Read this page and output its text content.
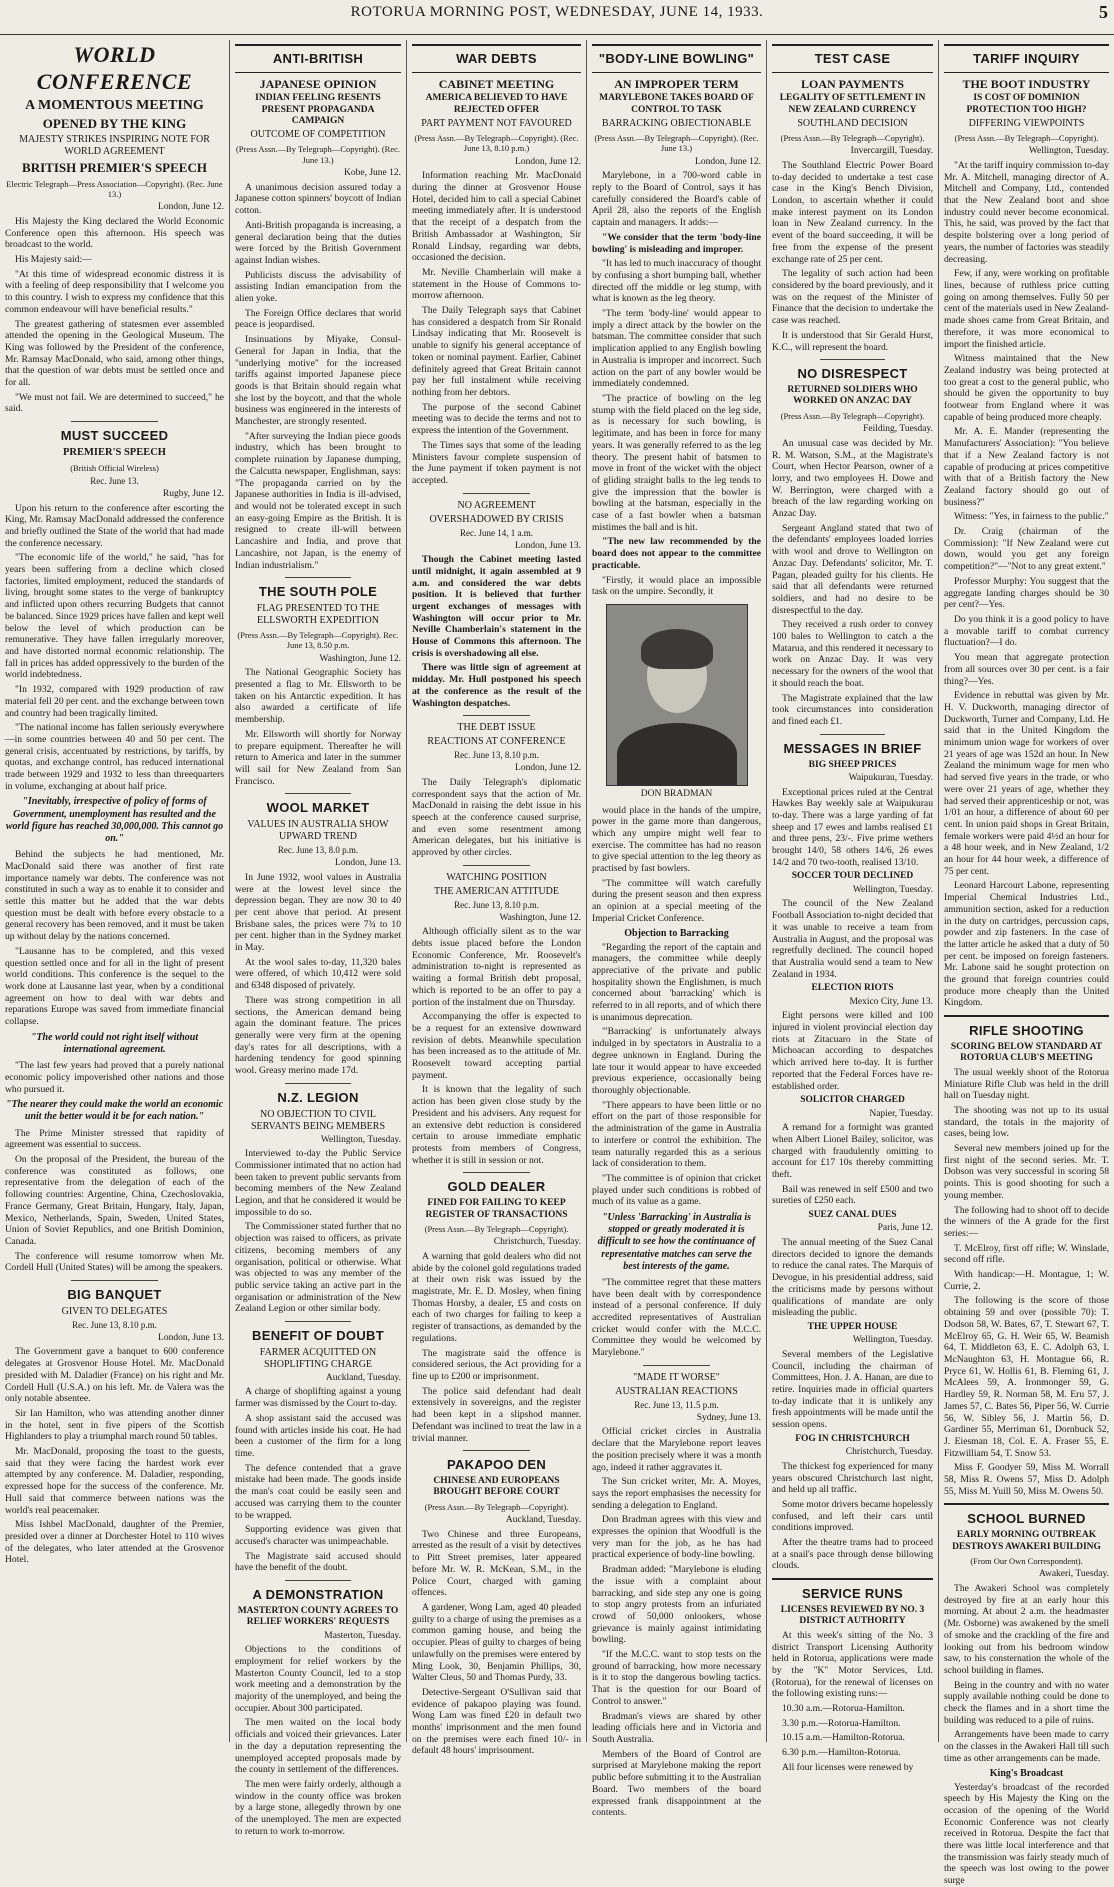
ROTORUA MORNING POST, WEDNESDAY, JUNE 14, 1933.	5
WORLD CONFERENCE
A MOMENTOUS MEETING
OPENED BY THE KING
MAJESTY STRIKES INSPIRING NOTE FOR WORLD AGREEMENT
BRITISH PREMIER'S SPEECH
Electric Telegraph—Press Association—Copyright). (Rec. June 13.)
London, June 12.

His Majesty the King declared the World Economic Conference open this afternoon. His speech was broadcast to the world.

His Majesty said:—

"At this time of widespread economic distress it is with a feeling of deep responsibility that I welcome you to this country. I wish to express my confidence that this common endeavour will have beneficial results."

The greatest gathering of statesmen ever assembled attended the opening in the Geological Museum. The King was followed by the President of the conference, Mr. Ramsay MacDonald, who said, among other things, that the question of war debts must be settled once and for all.

"We must not fail. We are determined to succeed," he said.

MUST SUCCEED
PREMIER'S SPEECH
(British Official Wireless)
Rec. June 13.
Rugby, June 12.

Upon his return to the conference after escorting the King, Mr. Ramsay MacDonald addressed the conference and briefly outlined the State of the world that had made the conference necessary.

"The economic life of the world," he said, "has for years been suffering from a decline which closed factories, limited employment, reduced the standards of living, brought some states to the verge of bankruptcy and inflicted upon others recurring Budgets that cannot be balanced. Since 1929 prices have fallen and kept well below the level of which production can be remunerative. They have fallen irregularly moreover, and have distorted normal economic relationship. The fall in prices has added oppressively to the burden of the world indebtedness.

"In 1932, compared with 1929 production of raw material fell 20 per cent. and the exchange between town and country had been tragically limited.

"The national income has fallen seriously everywhere—in some countries between 40 and 50 per cent. The general crisis, accentuated by restrictions, by tariffs, by quotas, and exchange control, has reduced international trade between 1929 and 1932 to less than threequarters in volume, exchanging at about half price.

"Inevitably, irrespective of policy of forms of Government, unemployment has resulted and the world figure has reached 30,000,000. This cannot go on."

Behind the subjects he had mentioned, Mr. MacDonald said there was another of first rate importance namely war debts. The conference was not constituted in such a way as to enable it to consider and settle this matter but he added that the war debts question must be dealt with before every obstacle to a general recovery has been removed, and it must be taken up without delay by the nations concerned.

"Lausanne has to be completed, and this vexed question settled once and for all in the light of present world conditions. This conference is the sequel to the work done at Lausanne last year, when by a conditional agreement on how to deal with war debts and reparations Europe was saved from immediate financial collapse.

"The world could not right itself without international agreement.

"The last few years had proved that a purely national economic policy impoverished other nations and those who pursued it.

"The nearer they could make the world an economic unit the better would it be for each nation."

The Prime Minister stressed that rapidity of agreement was essential to success.

On the proposal of the President, the bureau of the conference was constituted as follows, one representative from the delegation of each of the following countries: Argentine, China, Czechoslovakia, France Germany, Great Britain, Hungary, Italy, Japan, Mexico, Netherlands, Spain, Sweden, United States, Union of Soviet Republics, and one British Dominion, Canada.

The conference will resume tomorrow when Mr. Cordell Hull (United States) will be among the speakers.

BIG BANQUET
GIVEN TO DELEGATES
Rec. June 13, 8.10 p.m.
London, June 13.

The Government gave a banquet to 600 conference delegates at Grosvenor House Hotel. Mr. MacDonald presided with M. Daladier (France) on his right and Mr. Cordell Hull (U.S.A.) on his left. Mr. de Valera was the only notable absentee.

Sir Ian Hamilton, who was attending another dinner in the hotel, sent in five pipers of the Scottish Highlanders to play a triumphal march round 50 tables.

Mr. MacDonald, proposing the toast to the guests, said that they were facing the hardest work ever attempted by any conference. M. Daladier, responding, expressed hope for the success of the conference. Mr. Hull said that commerce between nations was the world's real peacemaker.

Miss Ishbel MacDonald, daughter of the Premier, presided over a dinner at Dorchester Hotel to 110 wives of the delegates, who later attended at the Grosvenor Hotel.

ANTI-BRITISH
JAPANESE OPINION
INDIAN FEELING RESENTS PRESENT PROPAGANDA CAMPAIGN
OUTCOME OF COMPETITION
(Press Assn.—By Telegraph—Copyright). (Rec. June 13.)
Kobe, June 12.

A unanimous decision assured today a Japanese cotton spinners' boycott of Indian cotton.

Anti-British propaganda is increasing, a general declaration being that the duties were forced by the British Government against Indian wishes.

Publicists discuss the advisability of assisting Indian emancipation from the alien yoke.

The Foreign Office declares that world peace is jeopardised.

Insinuations by Miyake, Consul-General for Japan in India, that the "underlying motive" for the increased tariffs against imported Japanese piece goods is that Britain should regain what she lost by the boycott, and that the whole business was engineered in the interests of Manchester, are strongly resented.

"After surveying the Indian piece goods industry, which has been brought to complete ruination by Japanese dumping, the Calcutta newspaper, Englishman, says: "The propaganda carried on by the Japanese authorities in India is ill-advised, and would not be tolerated except in such an easy-going Empire as the British. It is resigned to create ill-will between Lancashire and India, and prove that Lancashire, not Japan, is the enemy of Indian industrialism."

THE SOUTH POLE
FLAG PRESENTED TO THE ELLSWORTH EXPEDITION
(Press Assn.—By Telegraph—Copyright). Rec. June 13, 8.50 p.m.
Washington, June 12.

The National Geographic Society has presented a flag to Mr. Ellsworth to be taken on his Antarctic expedition. It has also awarded a certificate of life membership.

Mr. Ellsworth will shortly for Norway to prepare equipment. Thereafter he will return to America and later in the summer will sail for New Zealand from San Francisco.

WOOL MARKET
VALUES IN AUSTRALIA SHOW UPWARD TREND
Rec. June 13, 8.0 p.m.
London, June 13.

In June 1932, wool values in Australia were at the lowest level since the depression began. They are now 30 to 40 per cent above that period. At present Brisbane sales, the prices were 7¾ to 10 per cent. higher than in the Sydney market in May.

At the wool sales to-day, 11,320 bales were offered, of which 10,412 were sold and 6348 disposed of privately.

There was strong competition in all sections, the American demand being again the dominant feature. The prices generally were very firm at the opening day's rates for all descriptions, with a hardening tendency for good spinning wool. Greasy merino made 17d.

N.Z. LEGION
NO OBJECTION TO CIVIL SERVANTS BEING MEMBERS
Wellington, Tuesday.

Interviewed to-day the Public Service Commissioner intimated that no action had been taken to prevent public servants from becoming members of the New Zealand Legion, and that he considered it would be impossible to do so.

The Commissioner stated further that no objection was raised to officers, as private citizens, becoming members of any organisation, political or otherwise. What was objected to was any member of the public service taking an active part in the organisation or administration of the New Zealand Legion or other similar body.

BENEFIT OF DOUBT
FARMER ACQUITTED ON SHOPLIFTING CHARGE
Auckland, Tuesday.

A charge of shoplifting against a young farmer was dismissed by the Court to-day.

A shop assistant said the accused was found with articles inside his coat. He had been a customer of the firm for a long time.

The defence contended that a grave mistake had been made. The goods inside the man's coat could be easily seen and accused was carrying them to the counter to be wrapped.

Supporting evidence was given that accused's character was unimpeachable.

The Magistrate said accused should have the benefit of the doubt.

A DEMONSTRATION
MASTERTON COUNTY AGREES TO RELIEF WORKERS' REQUESTS
Masterton, Tuesday.

Objections to the conditions of employment for relief workers by the Masterton County Council, led to a stop work meeting and a demonstration by the majority of the unemployed, and being the occupier. About 300 participated.

The men waited on the local body officials and voiced their grievances. Later in the day a deputation representing the unemployed accepted proposals made by the county in settlement of the differences.

The men were fairly orderly, although a window in the county office was broken by a large stone, allegedly thrown by one of the unemployed. The men are expected to return to work to-morrow.

WAR DEBTS
CABINET MEETING
AMERICA BELIEVED TO HAVE REJECTED OFFER
PART PAYMENT NOT FAVOURED
(Press Assn.—By Telegraph—Copyright). (Rec. June 13, 8.10 p.m.)
London, June 12.

Information reaching Mr. MacDonald during the dinner at Grosvenor House Hotel, decided him to call a special Cabinet meeting immediately after. It is understood that the receipt of a despatch from the British Ambassador at Washington, Sir Ronald Lindsay, regarding war debts, occasioned the decision.

Mr. Neville Chamberlain will make a statement in the House of Commons to-morrow afternoon.

The Daily Telegraph says that Cabinet has considered a despatch from Sir Ronald Lindsay indicating that Mr. Roosevelt is unable to signify his general acceptance of token or nominal payment. Earlier, Cabinet definitely agreed that Great Britain cannot pay her full instalment while receiving nothing from her debtors.

The purpose of the second Cabinet meeting was to decide the terms and not to express the intention of the Government.

The Times says that some of the leading Ministers favour complete suspension of the June payment if token payment is not accepted.

NO AGREEMENT
OVERSHADOWED BY CRISIS
Rec. June 14, 1 a.m.
London, June 13.

Though the Cabinet meeting lasted until midnight, it again assembled at 9 a.m. and considered the war debts position. It is believed that further urgent exchanges of messages with Washington will occur prior to Mr. Neville Chamberlain's statement in the House of Commons this afternoon. The crisis is overshadowing all else.

There was little sign of agreement at midday. Mr. Hull postponed his speech at the conference as the result of the Washington despatches.

THE DEBT ISSUE
REACTIONS AT CONFERENCE
Rec. June 13, 8.10 p.m.
London, June 12.

The Daily Telegraph's diplomatic correspondent says that the action of Mr. MacDonald in raising the debt issue in his speech at the conference caused surprise, and even some resentment among American delegates, but his initiative is approved by other circles.

WATCHING POSITION
THE AMERICAN ATTITUDE
Rec. June 13, 8.10 p.m.
Washington, June 12.

Although officially silent as to the war debts issue placed before the London Economic Conference, Mr. Roosevelt's administration to-night is represented as waiting a formal British debt proposal, which is reported to be an offer to pay a portion of the instalment due on Thursday.

Accompanying the offer is expected to be a request for an extensive downward revision of debts. Meanwhile speculation has been increased as to the attitude of Mr. Roosevelt toward accepting partial payment.

It is known that the legality of such action has been given close study by the President and his advisers. Any request for an extensive debt reduction is considered certain to arouse immediate emphatic protests from members of Congress, whether it is still in session or not.

GOLD DEALER
FINED FOR FAILING TO KEEP REGISTER OF TRANSACTIONS
(Press Assn.—By Telegraph—Copyright).
Christchurch, Tuesday.

A warning that gold dealers who did not abide by the colonel gold regulations traded at their own risk was issued by the magistrate, Mr. E. D. Mosley, when fining Thomas Horsby, a dealer, £5 and costs on each of two charges for failing to keep a register of transactions, as demanded by the regulations.

The magistrate said the offence is considered serious, the Act providing for a fine up to £200 or imprisonment.

The police said defendant had dealt extensively in sovereigns, and the register had been kept in a slipshod manner. Defendant was inclined to treat the law in a trivial manner.

PAKAPOO DEN
CHINESE AND EUROPEANS BROUGHT BEFORE COURT
(Press Assn.—By Telegraph—Copyright).
Auckland, Tuesday.

Two Chinese and three Europeans, arrested as the result of a visit by detectives to Pitt Street premises, later appeared before Mr. W. R. McKean, S.M., in the Police Court, charged with gaming offences.

A gardener, Wong Lam, aged 40 pleaded guilty to a charge of using the premises as a common gaming house, and being the occupier. Pleas of guilty to charges of being unlawfully on the premises were entered by Ming Look, 30, Benjamin Phillips, 30, Walter Cleus, 50 and Thomas Purdy, 33.

Detective-Sergeant O'Sullivan said that evidence of pakapoo playing was found. Wong Lam was fined £20 in default two months' imprisonment and the men found on the premises were each fined 10/- in default 48 hours' imprisonment.

"BODY-LINE BOWLING"
AN IMPROPER TERM
MARYLEBONE TAKES BOARD OF CONTROL TO TASK
BARRACKING OBJECTIONABLE
(Press Assn.—By Telegraph—Copyright). (Rec. June 13.)
London, June 12.

Marylebone, in a 700-word cable in reply to the Board of Control, says it has carefully considered the Board's cable of April 28, also the reports of the English captain and managers. It adds:—

"We consider that the term 'body-line bowling' is misleading and improper.

"It has led to much inaccuracy of thought by confusing a short bumping ball, whether directed off the middle or leg stump, with what is known as the leg theory.

"The term 'body-line' would appear to imply a direct attack by the bowler on the batsman. The committee consider that such implication applied to any English bowling in Australia is improper and incorrect. Such action on the part of any bowler would be immediately condemned.

"The practice of bowling on the leg stump with the field placed on the leg side, as is necessary for such bowling, is legitimate, and has been in force for many years. It was generally referred to as the leg theory. The present habit of batsmen to move in front of the wicket with the object of gliding straight balls to the leg tends to give the impression that the bowler is bowling at the batsman, especially in the case of a fast bowler when a batsman mistimes the ball and is hit.

"The new law recommended by the board does not appear to the committee practicable.

"Firstly, it would place an impossible task on the umpire. Secondly, it

DON BRADMAN

would place in the hands of the umpire, power in the game more than dangerous, which any umpire might well fear to exercise. The committee has had no reason to give special attention to the leg theory as practised by fast bowlers.

"The committee will watch carefully during the present season and then express an opinion at a special meeting of the Imperial Cricket Conference.

Objection to Barracking

"Regarding the report of the captain and managers, the committee while deeply appreciative of the private and public hospitality shown the Englishmen, is much concerned about 'barracking' which is referred to in all reports, and of which there is unanimous deprecation.

"'Barracking' is unfortunately always indulged in by spectators in Australia to a degree unknown in England. During the late tour it would appear to have exceeded previous experience, occasionally being thoroughly objectionable.

"There appears to have been little or no effort on the part of those responsible for the administration of the game in Australia to interfere or control the exhibition. The team naturally regarded this as a serious lack of consideration to them.

"The committee is of opinion that cricket played under such conditions is robbed of much of its value as a game.

"Unless 'Barracking' in Australia is stopped or greatly moderated it is difficult to see how the continuance of representative matches can serve the best interests of the game.

"The committee regret that these matters have been dealt with by correspondence instead of a personal conference. If duly accredited representatives of Australian cricket would confer with the M.C.C. Committee they would be welcomed by Marylebone."

"MADE IT WORSE"
AUSTRALIAN REACTIONS
Rec. June 13, 11.5 p.m.
Sydney, June 13.

Official cricket circles in Australia declare that the Marylebone report leaves the position precisely where it was a month ago, indeed it rather aggravates it.

The Sun cricket writer, Mr. A. Moyes, says the report emphasises the necessity for sending a delegation to England.

Don Bradman agrees with this view and expresses the opinion that Woodfull is the very man for the job, as he has had practical experience of body-line bowling.

Bradman added: "Marylebone is eluding the issue with a complaint about barracking, and side step any one is going to stop angry protests from an infuriated crowd of 50,000 onlookers, whose grievance is mainly against intimidating bowling.

"If the M.C.C. want to stop tests on the ground of barracking, how more necessary is it to stop the dangerous bowling tactics. That is the question for our Board of Control to answer."

Bradman's views are shared by other leading officials here and in Victoria and South Australia.

Members of the Board of Control are surprised at Marylebone making the report public before submitting it to the Australian Board. Two members of the board expressed frank disappointment at the contents.

TEST CASE
LOAN PAYMENTS
LEGALITY OF SETTLEMENT IN NEW ZEALAND CURRENCY
SOUTHLAND DECISION
(Press Assn.—By Telegraph—Copyright).
Invercargill, Tuesday.

The Southland Electric Power Board to-day decided to undertake a test case case in the King's Bench Division, London, to ascertain whether it could make interest payment on its London loan in New Zealand currency. In the event of the board succeeding, it will be free from the expense of the present exchange rate of 25 per cent.

The legality of such action had been considered by the board previously, and it was on the request of the Minister of Finance that the decision to undertake the case was reached.

It is understood that Sir Gerald Hurst, K.C., will represent the board.

NO DISRESPECT
RETURNED SOLDIERS WHO WORKED ON ANZAC DAY
(Press Assn.—By Telegraph—Copyright).
Feilding, Tuesday.

An unusual case was decided by Mr. R. M. Watson, S.M., at the Magistrate's Court, when Hector Pearson, owner of a lorry, and two employees H. Dowe and W. Berrington, were charged with a breach of the law regarding working on Anzac Day.

Sergeant Angland stated that two of the defendants' employees loaded lorries with wool and drove to Wellington on Anzac Day. Defendants' solicitor, Mr. T. Pagan, pleaded guilty for his clients. He said that all defendants were returned soldiers, and had no desire to be disrespectful to the day.

They received a rush order to convey 100 bales to Wellington to catch a the Matarua, and this rendered it necessary to work on Anzac Day. It was very necessary for the owners of the wool that it should reach the boat.

The Magistrate explained that the law took circumstances into consideration and fined each £1.

MESSAGES IN BRIEF
BIG SHEEP PRICES
Waipukurau, Tuesday.

Exceptional prices ruled at the Central Hawkes Bay weekly sale at Waipukurau to-day. There was a large yarding of fat sheep and 17 ewes and lambs realised £1 and three pens, 23/-. Five prime wethers brought 14/0, 58 others 14/6, 26 ewes 14/2 and 70 two-tooth, realised 13/10.

SOCCER TOUR DECLINED
Wellington, Tuesday.

The council of the New Zealand Football Association to-night decided that it was unable to receive a team from Australia in August, and the proposal was regretfully declined. The council hoped that Australia would send a team to New Zealand in 1934.

ELECTION RIOTS
Mexico City, June 13.

Eight persons were killed and 100 injured in violent provincial election day riots at Zitacuaro in the State of Michoacan according to despatches which arrived here to-day. It is further reported that the Federal Forces have re-established order.

SOLICITOR CHARGED
Napier, Tuesday.

A remand for a fortnight was granted when Albert Lionel Bailey, solicitor, was charged with fraudulently omitting to account for £17 10s thereby committing theft.

Bail was renewed in self £500 and two sureties of £250 each.

SUEZ CANAL DUES
Paris, June 12.

The annual meeting of the Suez Canal directors decided to ignore the demands to reduce the canal rates. The Marquis of Devogue, in his presidential address, said the criticisms made by persons without qualifications of mandate are only misleading the public.

THE UPPER HOUSE
Wellington, Tuesday.

Several members of the Legislative Council, including the chairman of Committees, Hon. J. A. Hanan, are due to retire. Inquiries made in official quarters to-day indicate that it is unlikely any fresh appointments will be made until the session opens.

FOG IN CHRISTCHURCH
Christchurch, Tuesday.

The thickest fog experienced for many years obscured Christchurch last night, and held up all traffic.

Some motor drivers became hopelessly confused, and left their cars until conditions improved.

After the theatre trams had to proceed at a snail's pace through dense billowing clouds.

SERVICE RUNS
LICENSES REVIEWED BY NO. 3 DISTRICT AUTHORITY

At this week's sitting of the No. 3 district Transport Licensing Authority held in Rotorua, applications were made by the "K" Motor Services, Ltd. (Rotorua), for the renewal of licenses on the following existing runs:—

10.30 a.m.—Rotorua-Hamilton.

3.30 p.m.—Rotorua-Hamilton.

10.15 a.m.—Hamilton-Rotorua.

6.30 p.m.—Hamilton-Rotorua.

All four licenses were renewed by

TARIFF INQUIRY
THE BOOT INDUSTRY
IS COST OF DOMINION PROTECTION TOO HIGH?
DIFFERING VIEWPOINTS
(Press Assn.—By Telegraph—Copyright).
Wellington, Tuesday.

"At the tariff inquiry commission to-day Mr. A. Mitchell, managing director of A. Mitchell and Company, Ltd., contended that the New Zealand boot and shoe industry could never become economical. This, he said, was proved by the fact that despite bolstering over a long period of years, the number of factories was steadily decreasing.

Few, if any, were working on profitable lines, because of ruthless price cutting going on among themselves. Fully 50 per cent of the materials used in New Zealand-made shoes came from Great Britain, and therefore, it was more economical to import the finished article.

Witness maintained that the New Zealand industry was being protected at too great a cost to the general public, who should be given the opportunity to buy footwear from England where it was capable of being produced more cheaply.

Mr. A. E. Mander (representing the Manufacturers' Association): "You believe that if a New Zealand factory is not capable of producing at prices competitive with that of a British factory the New Zealand factory should go out of business?"

Witness: "Yes, in fairness to the public."

Dr. Craig (chairman of the Commission): "If New Zealand were cut down, would you get any foreign competition?"—"Not to any great extent."

Professor Murphy: You suggest that the aggregate landing charges should be 30 per cent?—Yes.

Do you think it is a good policy to have a movable tariff to combat currency fluctuation?—I do.

You mean that aggregate protection from all sources over 30 per cent. is a fair thing?—Yes.

Evidence in rebuttal was given by Mr. H. V. Duckworth, managing director of Duckworth, Turner and Company, Ltd. He said that in the United Kingdom the minimum union wage for workers of over 21 years of age was 152d an hour. In New Zealand the minimum wage for men who had served five years in the trade, or who were over 21 years of age, whether they had served their apprenticeship or not, was 1/01 an hour, a difference of about 60 per cent. In union paid shops in Great Britain, female workers were paid 4½d an hour for a 48 hour week, and in New Zealand, 1/2 an hour for 44 hour week, a difference of 75 per cent.

Leonard Harcourt Labone, representing Imperial Chemical Industries Ltd., ammunition section, asked for a reduction in the duty on cartridges, percussion caps, powder and zip fasteners. In the case of the latter article he asked that a duty of 50 per cent. be imposed on foreign fasteners. Mr. Labone said he sought protection on the ground that foreign countries could produce more cheaply than the United Kingdom.

RIFLE SHOOTING
SCORING BELOW STANDARD AT ROTORUA CLUB'S MEETING

The usual weekly shoot of the Rotorua Miniature Rifle Club was held in the drill hall on Tuesday night.

The shooting was not up to its usual standard, the totals in the majority of cases, being low.

Several new members joined up for the first night of the second series. Mr. T. Dobson was very successful in scoring 58 points. This is good shooting for such a young member.

The following had to shoot off to decide the winners of the A grade for the first series:—

T. McElroy, first off rifle; W. Winslade, second off rifle.

With handicap:—H. Montague, 1; W. Currie, 2.

The following is the score of those obtaining 59 and over (possible 70): T. Dodson 58, W. Bates, 67, T. Stewart 67, T. McElroy 65, G. H. Weir 65, W. Beamish 64, T. Middleton 63, E. C. Adolph 63, I. McNaughton 63, H. Montague 66, R. Pryce 61, W. Hollis 61, B. Fleming 61, J. McAlees 59, A. Ironmonger 59, G. Hardley 59, R. Norman 58, M. Eru 57, J. James 57, C. Bates 56, Piper 56, W. Currie 56, W. Sibley 56, J. Martin 56, D. Gardiner 55, Merriman 61, Dornbuck 52, J. Eiesman 18, Col. E. A. Fraser 55, E. Fitzwilliam 54, T. Snow 53.

Miss F. Goodyer 59, Miss M. Worrall 58, Miss R. Owens 57, Miss D. Adolph 55, Miss M. Yuill 50, Miss M. Owens 50.

SCHOOL BURNED
EARLY MORNING OUTBREAK DESTROYS AWAKERI BUILDING
(From Our Own Correspondent).
Awakeri, Tuesday.

The Awakeri School was completely destroyed by fire at an early hour this morning. At about 2 a.m. the headmaster (Mr. Osborne) was awakened by the smell of smoke and the crackling of the fire and looking out from his bedroom window saw, to his consternation the whole of the school building in flames.

Being in the country and with no water supply available nothing could be done to check the flames and in a short time the building was reduced to a pile of ruins.

Arrangements have been made to carry on the classes in the Awakeri Hall till such time as other arrangements can be made.

King's Broadcast

Yesterday's broadcast of the recorded speech by His Majesty the King on the occasion of the opening of the World Economic Conference was not clearly received in Rotorua. Despite the fact that there was little local interference and that the transmission was fairly steady much of the speech was lost owing to the power surge
